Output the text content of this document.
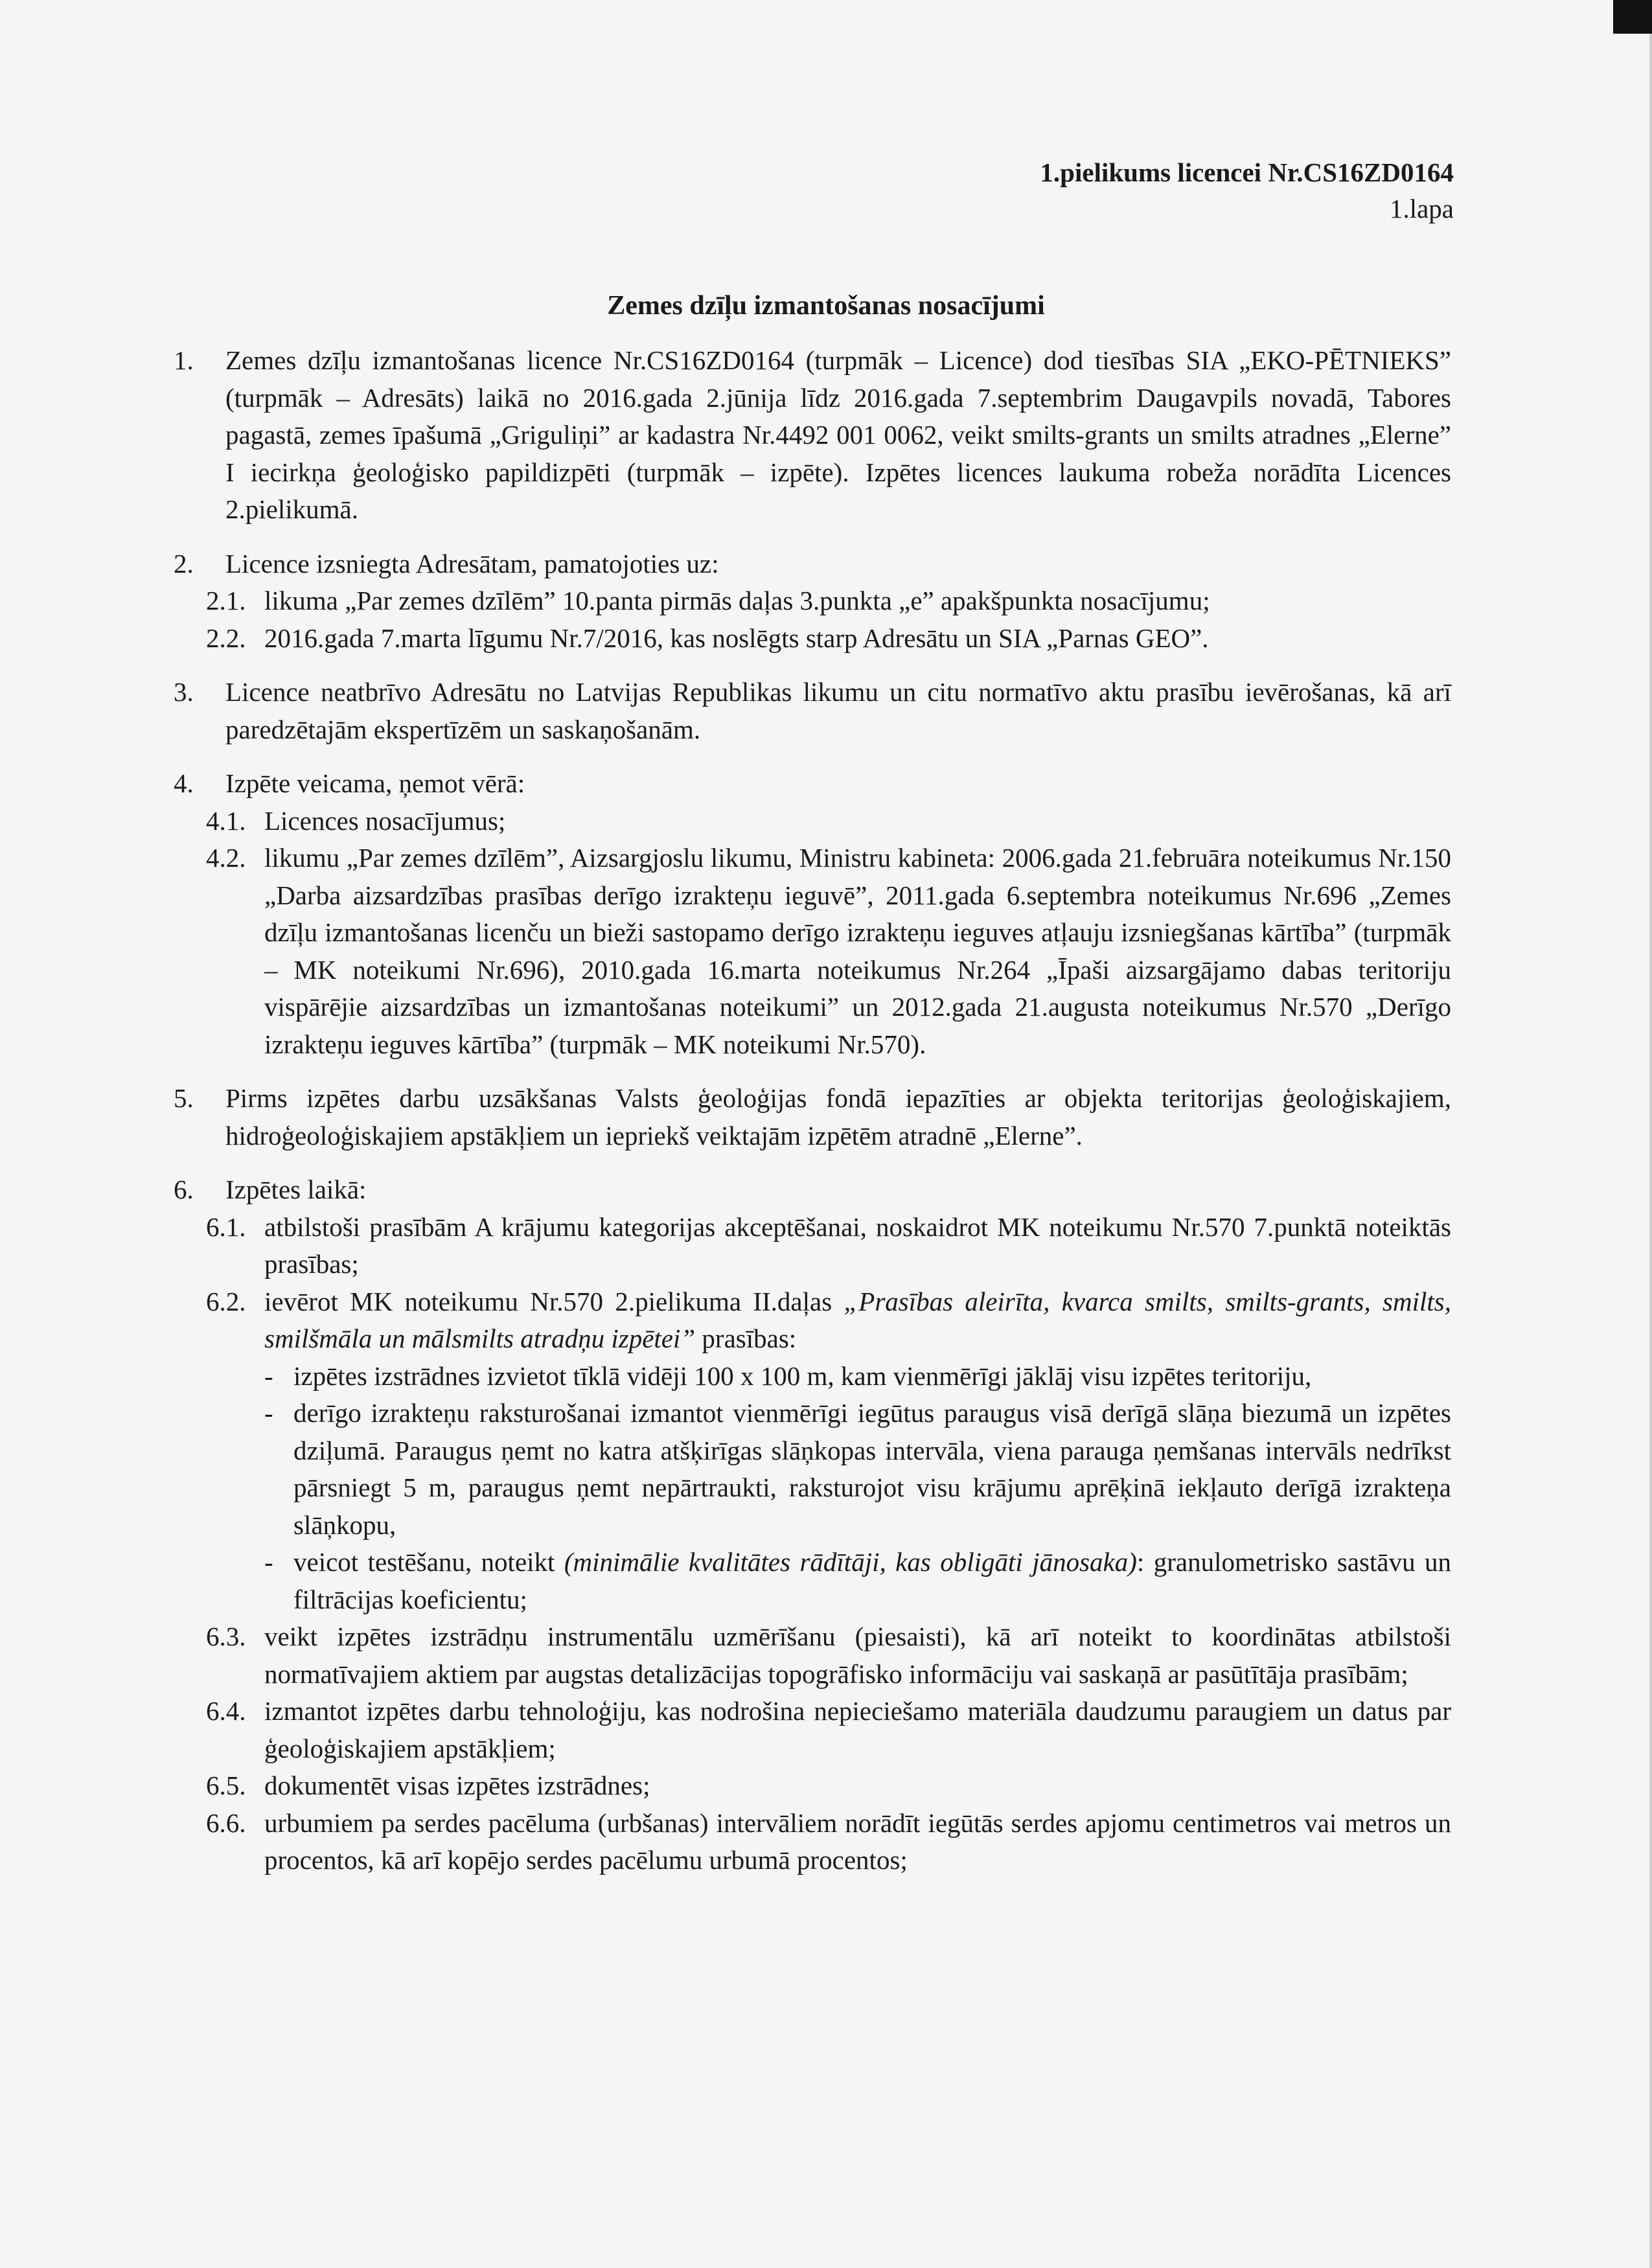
1.pielikums licencei Nr.CS16ZD0164
1.lapa
Zemes dzīļu izmantošanas nosacījumi
1. Zemes dzīļu izmantošanas licence Nr.CS16ZD0164 (turpmāk – Licence) dod tiesības SIA „EKO-PĒTNIEKS” (turpmāk – Adresāts) laikā no 2016.gada 2.jūnija līdz 2016.gada 7.septembrim Daugavpils novadā, Tabores pagastā, zemes īpašumā „Griguliņi” ar kadastra Nr.4492 001 0062, veikt smilts-grants un smilts atradnes „Elerne” I iecirkņa ģeoloģisko papildizpēti (turpmāk – izpēte). Izpētes licences laukuma robeža norādīta Licences 2.pielikumā.
2. Licence izsniegta Adresātam, pamatojoties uz:
2.1. likuma „Par zemes dzīlēm” 10.panta pirmās daļas 3.punkta „e” apakšpunkta nosacījumu;
2.2. 2016.gada 7.marta līgumu Nr.7/2016, kas noslēgts starp Adresātu un SIA „Parnas GEO”.
3. Licence neatbrīvo Adresātu no Latvijas Republikas likumu un citu normatīvo aktu prasību ievērošanas, kā arī paredzētajām ekspertīzēm un saskaņošanām.
4. Izpēte veicama, ņemot vērā:
4.1. Licences nosacījumus;
4.2. likumu „Par zemes dzīlēm”, Aizsargjoslu likumu, Ministru kabineta: 2006.gada 21.februāra noteikumus Nr.150 „Darba aizsardzības prasības derīgo izrakteņu ieguvē”, 2011.gada 6.septembra noteikumus Nr.696 „Zemes dzīļu izmantošanas licenču un bieži sastopamo derīgo izrakteņu ieguves atļauju izsniegšanas kārtība” (turpmāk – MK noteikumi Nr.696), 2010.gada 16.marta noteikumus Nr.264 „Īpaši aizsargājamo dabas teritoriju vispārējie aizsardzības un izmantošanas noteikumi” un 2012.gada 21.augusta noteikumus Nr.570 „Derīgo izrakteņu ieguves kārtība” (turpmāk – MK noteikumi Nr.570).
5. Pirms izpētes darbu uzsākšanas Valsts ģeoloģijas fondā iepazīties ar objekta teritorijas ģeoloģiskajiem, hidroģeoloģiskajiem apstākļiem un iepriekš veiktajām izpētēm atradnē „Elerne”.
6. Izpētes laikā:
6.1. atbilstoši prasībām A krājumu kategorijas akceptēšanai, noskaidrot MK noteikumu Nr.570 7.punktā noteiktās prasības;
6.2. ievērot MK noteikumu Nr.570 2.pielikuma II.daļas „Prasības aleirīta, kvarca smilts, smilts-grants, smilts, smilšmāla un mālsmilts atradņu izpētei” prasības:
- izpētes izstrādnes izvietot tīklā vidēji 100 x 100 m, kam vienmērīgi jāklāj visu izpētes teritoriju,
- derīgo izrakteņu raksturošanai izmantot vienmērīgi iegūtus paraugus visā derīgā slāņa biezumā un izpētes dziļumā. Paraugus ņemt no katra atšķirīgas slāņkopas intervāla, viena parauga ņemšanas intervāls nedrīkst pārsniegt 5 m, paraugus ņemt nepārtraukti, raksturojot visu krājumu aprēķinā iekļauto derīgā izrakteņa slāņkopu,
- veicot testēšanu, noteikt (minimālie kvalitātes rādītāji, kas obligāti jānosaka): granulometrisko sastāvu un filtrācijas koeficientu;
6.3. veikt izpētes izstrādņu instrumentālu uzmērīšanu (piesaisti), kā arī noteikt to koordinātas atbilstoši normatīvajiem aktiem par augstas detalizācijas topogrāfisko informāciju vai saskaņā ar pasūtītāja prasībām;
6.4. izmantot izpētes darbu tehnoloģiju, kas nodrošina nepieciešamo materiāla daudzumu paraugiem un datus par ģeoloģiskajiem apstākļiem;
6.5. dokumentēt visas izpētes izstrādnes;
6.6. urbumiem pa serdes pacēluma (urbšanas) intervāliem norādīt iegūtās serdes apjomu centimetros vai metros un procentos, kā arī kopējo serdes pacēlumu urbumā procentos;
